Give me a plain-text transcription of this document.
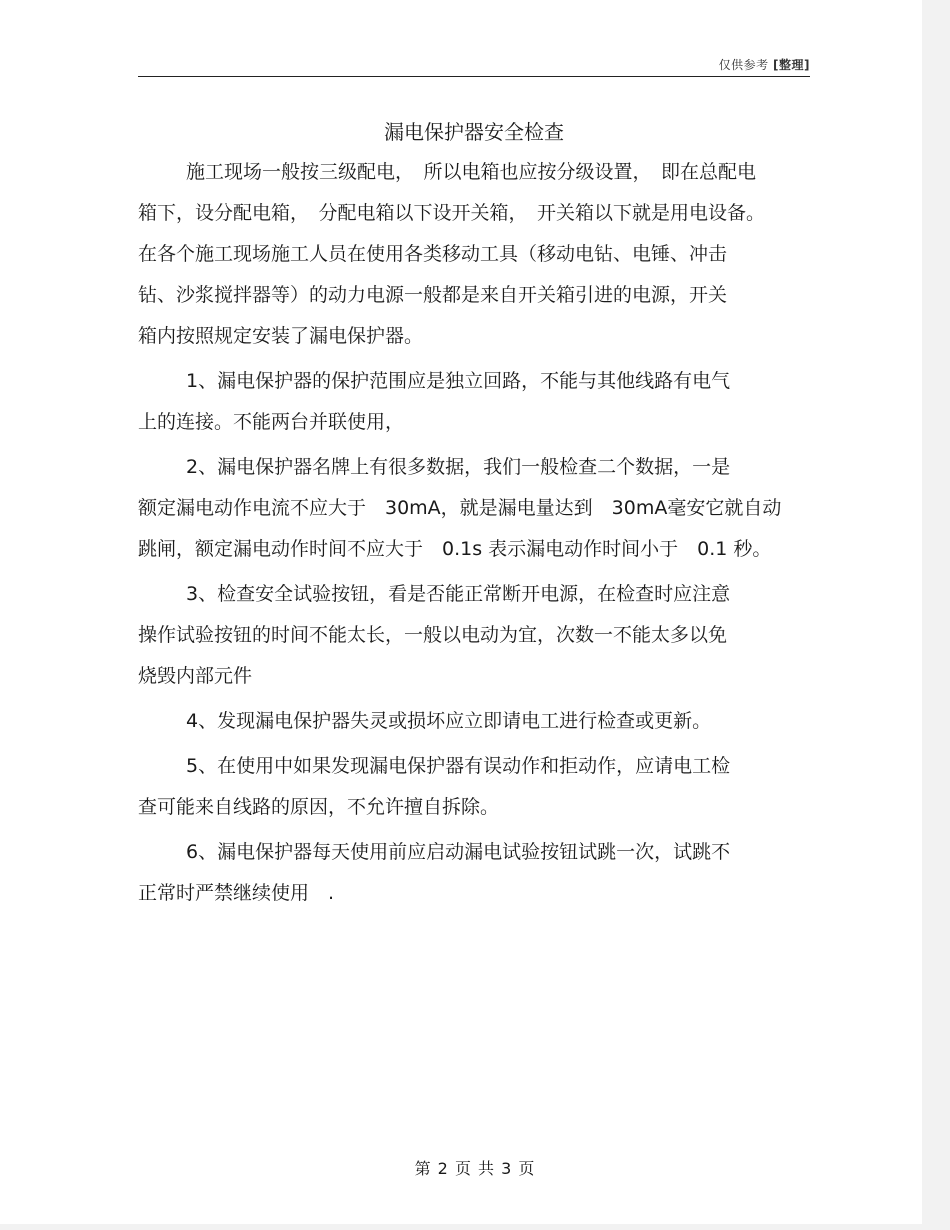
仅供参考 [整理]
漏电保护器安全检查
施工现场一般按三级配电，　所以电箱也应按分级设置，　即在总配电
箱下，设分配电箱，　分配电箱以下设开关箱，　开关箱以下就是用电设备。
在各个施工现场施工人员在使用各类移动工具（移动电钻、电锤、冲击
钻、沙浆搅拌器等）的动力电源一般都是来自开关箱引进的电源，开关
箱内按照规定安装了漏电保护器。
1、漏电保护器的保护范围应是独立回路，不能与其他线路有电气
上的连接。不能两台并联使用，
2、漏电保护器名牌上有很多数据，我们一般检查二个数据，一是
额定漏电动作电流不应大于　30mA，就是漏电量达到　30mA毫安它就自动
跳闸，额定漏电动作时间不应大于　0.1s 表示漏电动作时间小于　0.1 秒。
3、检查安全试验按钮，看是否能正常断开电源，在检查时应注意
操作试验按钮的时间不能太长，一般以电动为宜，次数一不能太多以免
烧毁内部元件
4、发现漏电保护器失灵或损坏应立即请电工进行检查或更新。
5、在使用中如果发现漏电保护器有误动作和拒动作，应请电工检
查可能来自线路的原因，不允许擅自拆除。
6、漏电保护器每天使用前应启动漏电试验按钮试跳一次，试跳不
正常时严禁继续使用　.
第 2 页 共 3 页
